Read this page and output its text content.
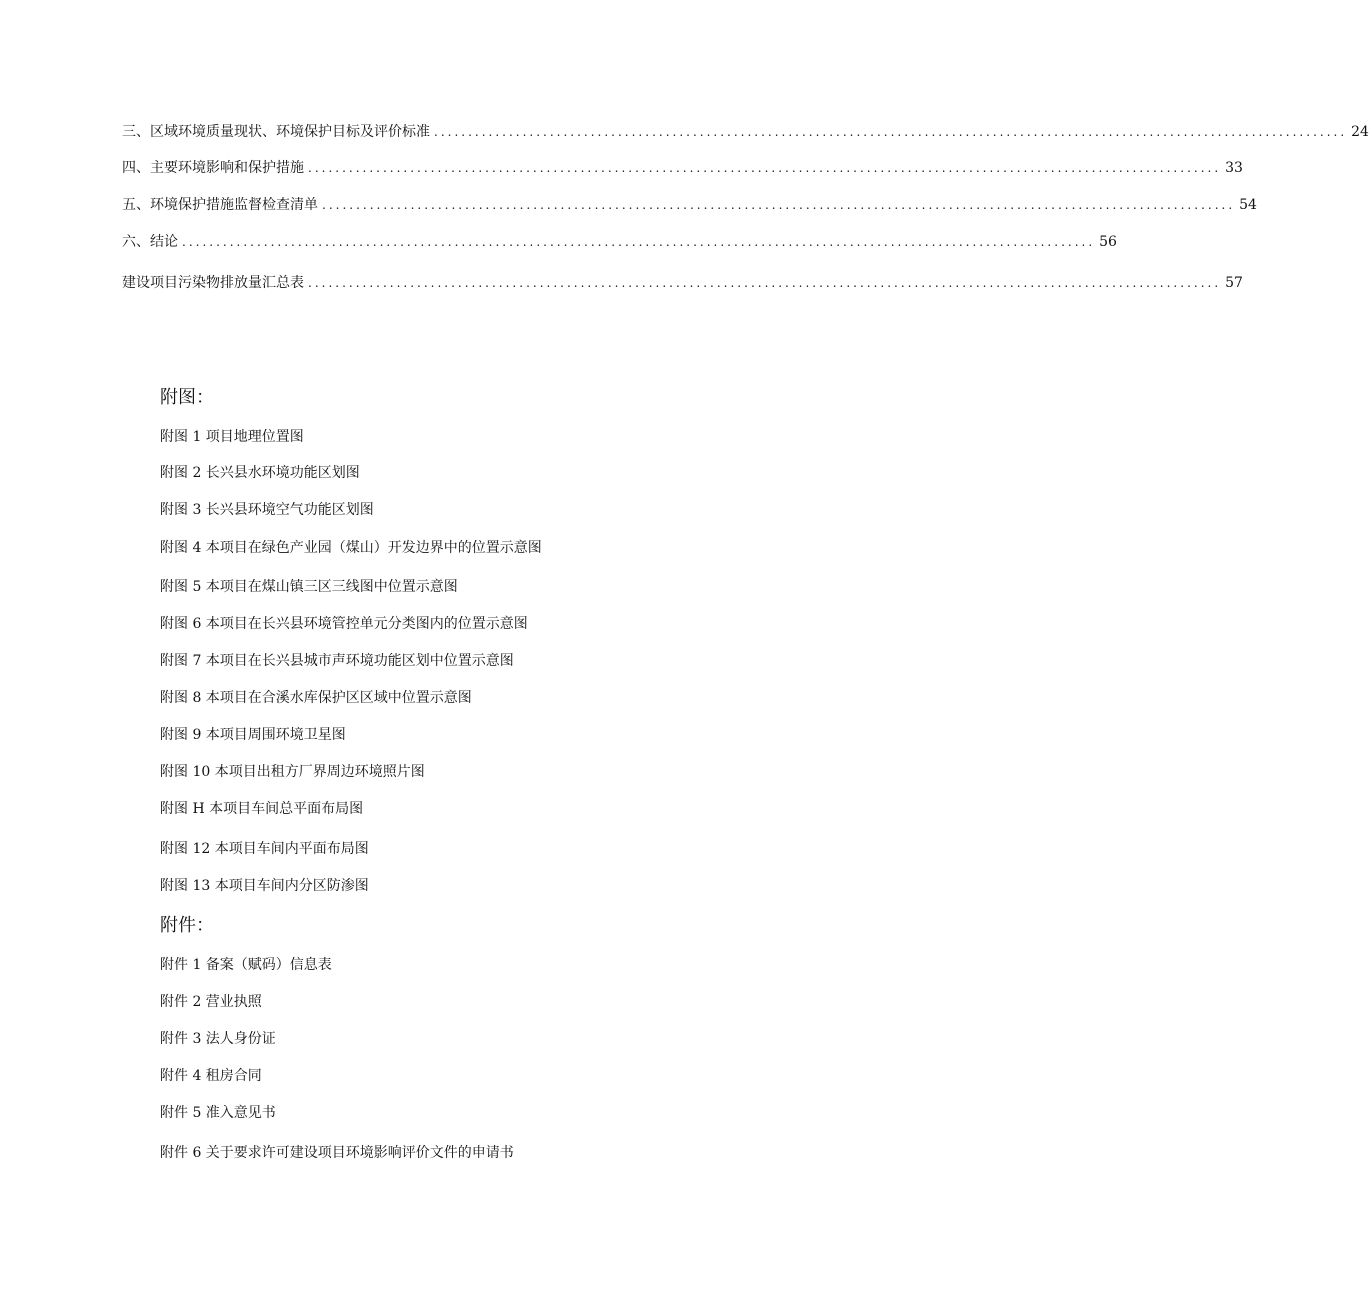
三、区域环境质量现状、环境保护目标及评价标准 ...................................................................................................................................... 24
四、主要环境影响和保护措施 ...................................................................................................................................... 33
五、环境保护措施监督检查清单 ...................................................................................................................................... 54
六、结论 ...................................................................................................................................... 56
建设项目污染物排放量汇总表 ...................................................................................................................................... 57
附图：
附图 1 项目地理位置图
附图 2 长兴县水环境功能区划图
附图 3 长兴县环境空气功能区划图
附图 4 本项目在绿色产业园（煤山）开发边界中的位置示意图
附图 5 本项目在煤山镇三区三线图中位置示意图
附图 6 本项目在长兴县环境管控单元分类图内的位置示意图
附图 7 本项目在长兴县城市声环境功能区划中位置示意图
附图 8 本项目在合溪水库保护区区域中位置示意图
附图 9 本项目周围环境卫星图
附图 10 本项目出租方厂界周边环境照片图
附图 H 本项目车间总平面布局图
附图 12 本项目车间内平面布局图
附图 13 本项目车间内分区防渗图
附件：
附件 1 备案（赋码）信息表
附件 2 营业执照
附件 3 法人身份证
附件 4 租房合同
附件 5 准入意见书
附件 6 关于要求许可建设项目环境影响评价文件的申请书
